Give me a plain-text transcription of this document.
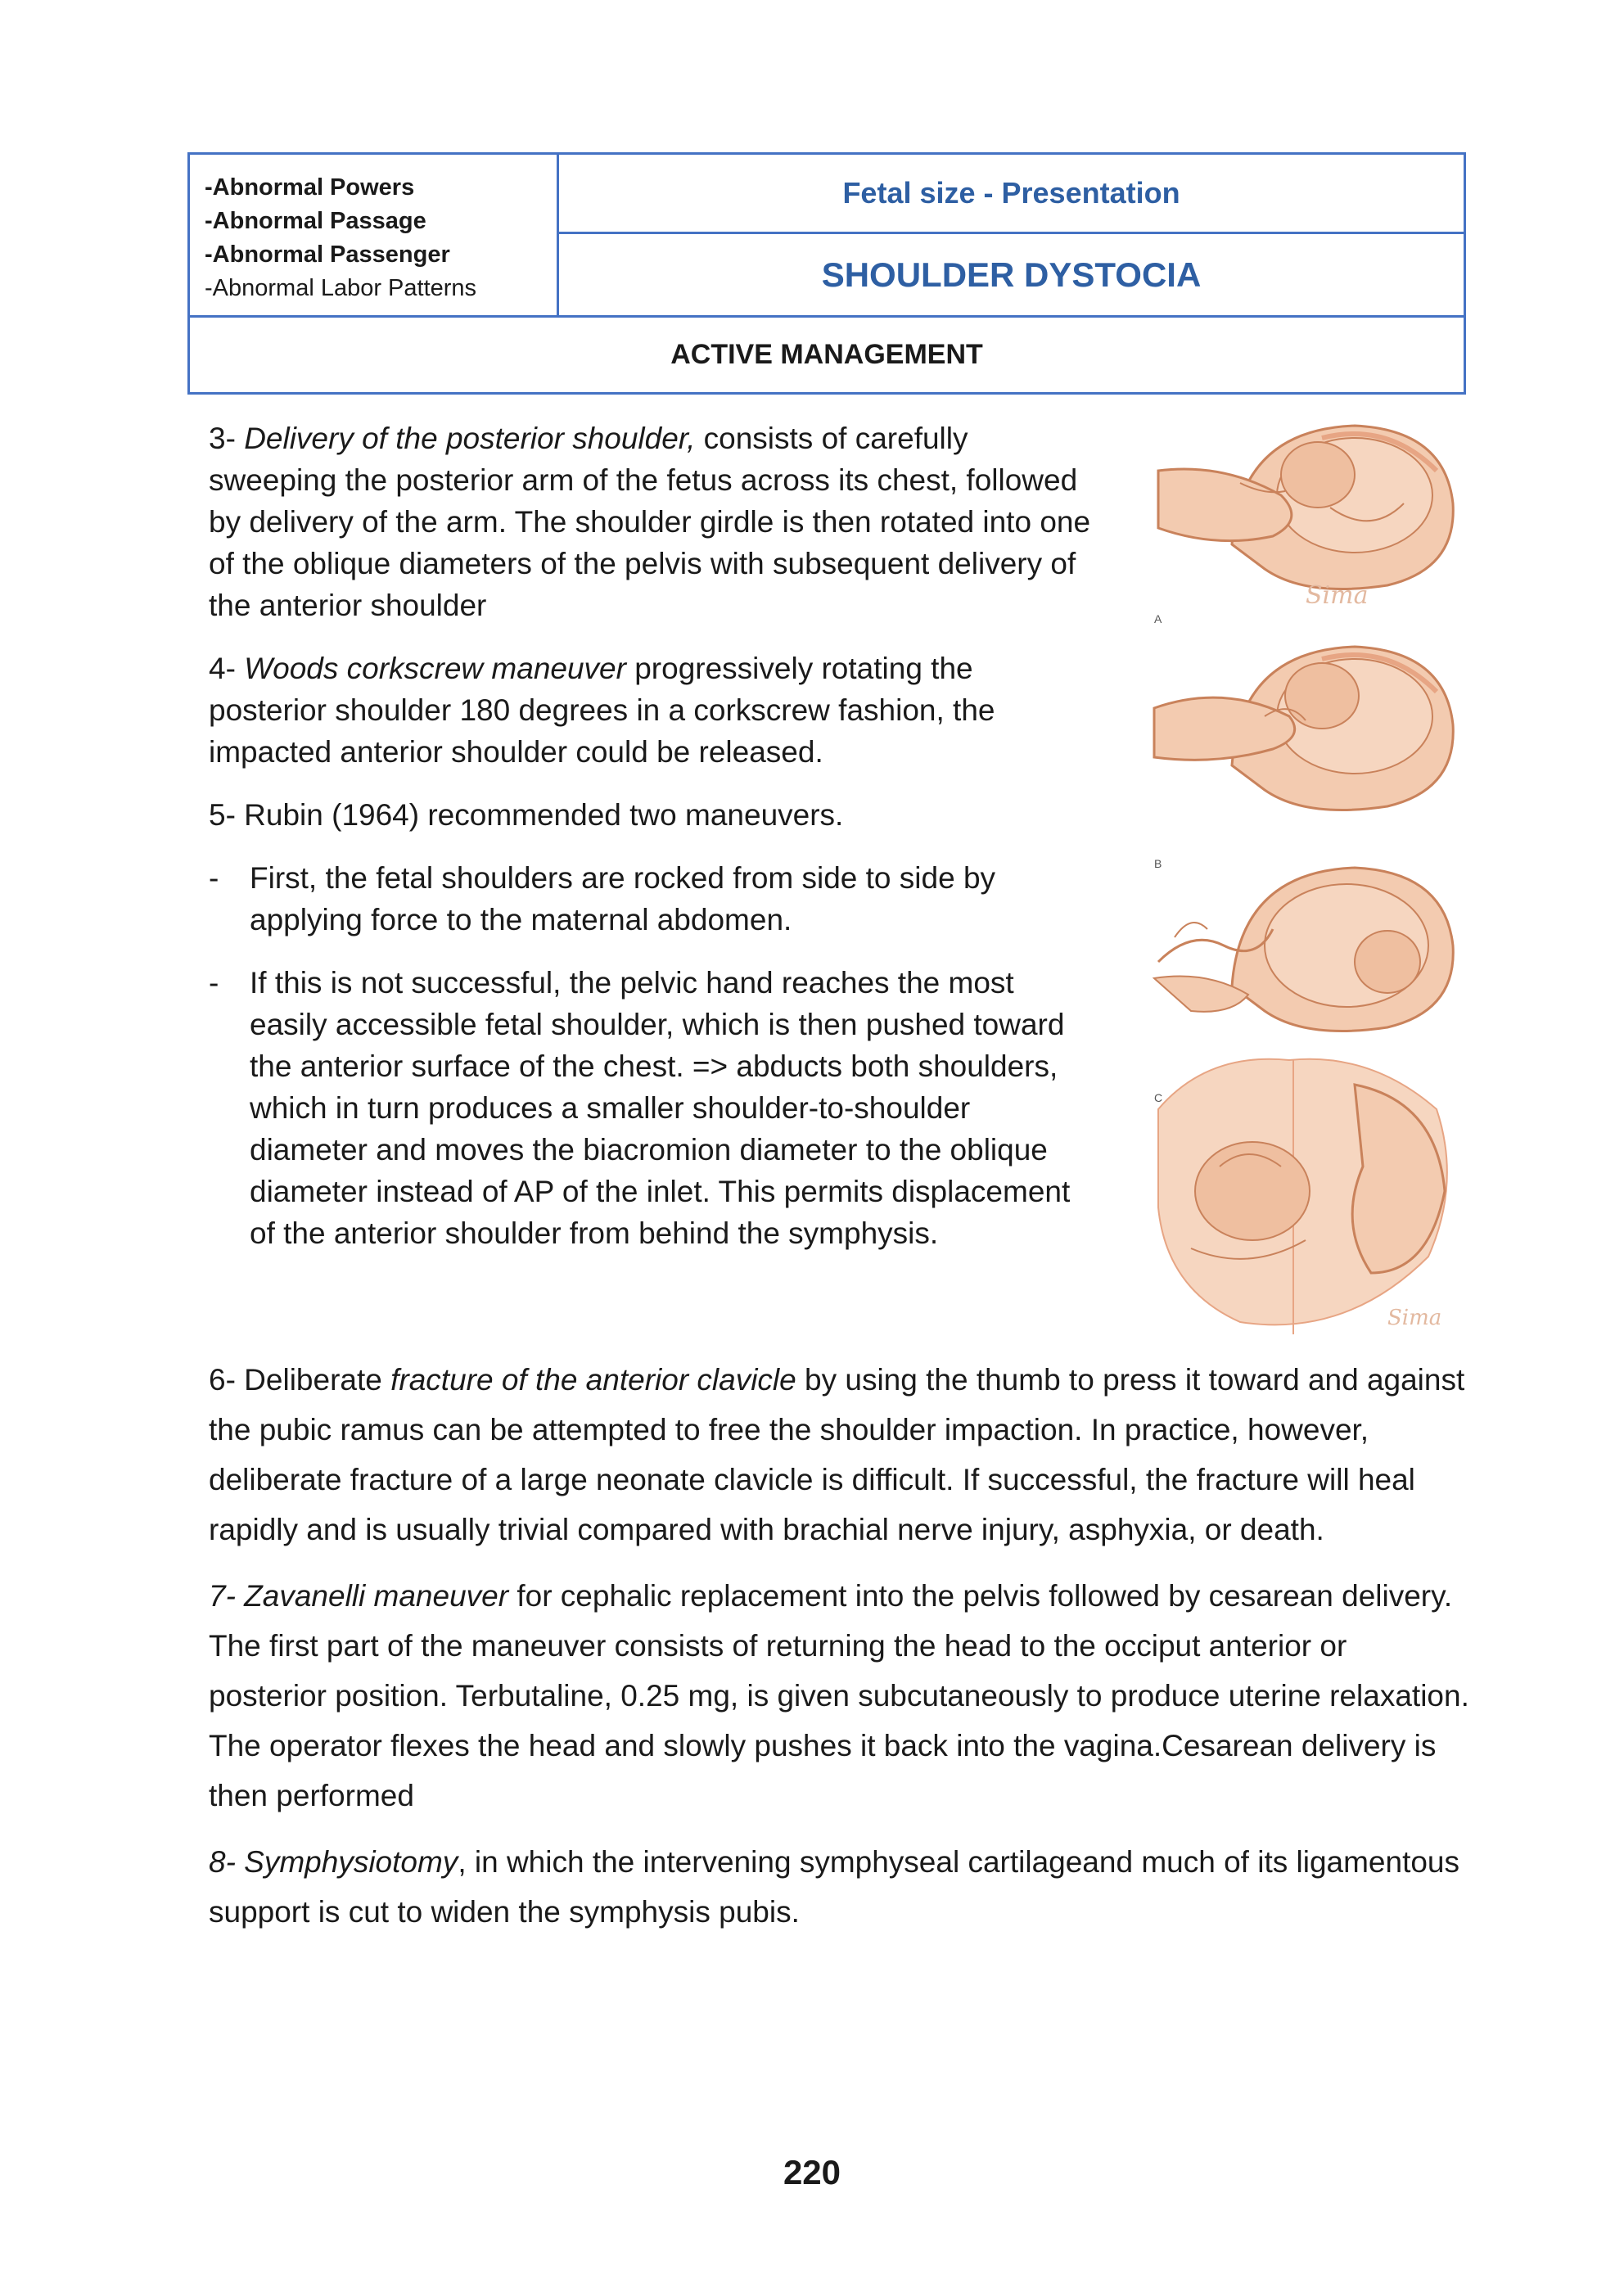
-Abnormal Powers
-Abnormal Passage
-Abnormal Passenger
-Abnormal Labor Patterns
Fetal size - Presentation
SHOULDER DYSTOCIA
ACTIVE MANAGEMENT

3- Delivery of the posterior shoulder, consists of carefully sweeping the posterior arm of the fetus across its chest, followed by delivery of the arm. The shoulder girdle is then rotated into one of the oblique diameters of the pelvis with subsequent delivery of the anterior shoulder

4- Woods corkscrew maneuver progressively rotating the posterior shoulder 180 degrees in a corkscrew fashion, the impacted anterior shoulder could be released.

5- Rubin (1964) recommended two maneuvers.

-	First, the fetal shoulders are rocked from side to side by applying force to the maternal abdomen.
-	If this is not successful, the pelvic hand reaches the most easily accessible fetal shoulder, which is then pushed toward the anterior surface of the chest. => abducts both shoulders, which in turn produces a smaller shoulder-to-shoulder diameter and moves the biacromion diameter to the oblique diameter instead of AP of the inlet. This permits displacement of the anterior shoulder from behind the symphysis.
A
B
C
Sima
Sima

6- Deliberate fracture of the anterior clavicle by using the thumb to press it toward and against the pubic ramus can be attempted to free the shoulder impaction. In practice, however, deliberate fracture of a large neonate clavicle is difficult. If successful, the fracture will heal rapidly and is usually trivial compared with brachial nerve injury, asphyxia, or death.

7- Zavanelli maneuver for cephalic replacement into the pelvis followed by cesarean delivery. The first part of the maneuver consists of returning the head to the occiput anterior or posterior position. Terbutaline, 0.25 mg, is given subcutaneously to produce uterine relaxation. The operator flexes the head and slowly pushes it back into the vagina.Cesarean delivery is then performed

8- Symphysiotomy, in which the intervening symphyseal cartilageand much of its ligamentous support is cut to widen the symphysis pubis.

220
